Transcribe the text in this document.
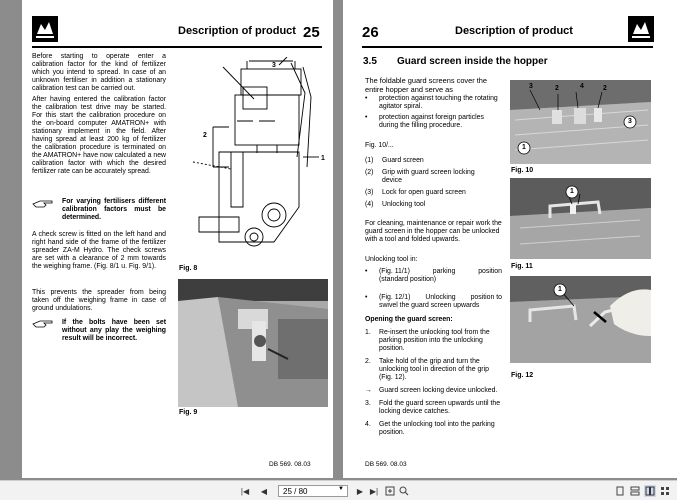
Description of product 25
Before starting to operate enter a calibration factor for the kind of fertilizer which you intend to spread. In case of an unknown fertiliser in addition a stationary calibration test can be carried out.
After having entered the calibration factor the calibration test drive may be started. For this start the calibration procedure on the on-board computer AMATRON+ with stationary implement in the field. After having spread at least 200 kg of fertilizer the calibration procedure is terminated on the AMATRON+ have now calculated a new calibration factor with which the desired fertilizer rate can be accurately spread.
For varying fertilisers different calibration factors must be determined.
A check screw is fitted on the left hand and right hand side of the frame of the fertilizer spreader ZA-M Hydro. The check screws are set with a clearance of 2 mm towards the weighing frame. (Fig. 8/1 u. Fig. 9/1).
This prevents the spreader from being taken off the weighing frame in case of ground undulations.
If the bolts have been set without any play the weighing result will be incorrect.
3
2
1
Fig. 8
Fig. 9
DB 569. 08.03
26	Description of product
3.5 Guard screen inside the hopper
The foldable guard screens cover the entire hopper and serve as
• protection against touching the rotating agitator spiral.
• protection against foreign particles during the filling procedure.
Fig. 10/...
(1)	Guard screen
(2)	Grip with guard screen locking device
(3)	Lock for open guard screen
(4)	Unlocking tool
For cleaning, maintenance or repair work the guard screen in the hopper can be unlocked with a tool and folded upwards.
Unlocking tool in:
• (Fig. 11/1)	parking	position
(standard position)
• (Fig. 12/1) Unlocking position to
swivel the guard screen upwards
Opening the guard screen:
1. Re-insert the unlocking tool from the parking position into the unlocking position.
2. Take hold of the grip and turn the unlocking tool in direction of the grip (Fig. 12).
→ Guard screen locking device unlocked.
3. Fold the guard screen upwards until the locking device catches.
4. Get the unlocking tool into the parking position.
3	2	4	2
3
1
Fig. 10
1
Fig. 11
1
Fig. 12
DB 569. 08.03
|◀	◀	25 / 80	▼	▶ ▶|
